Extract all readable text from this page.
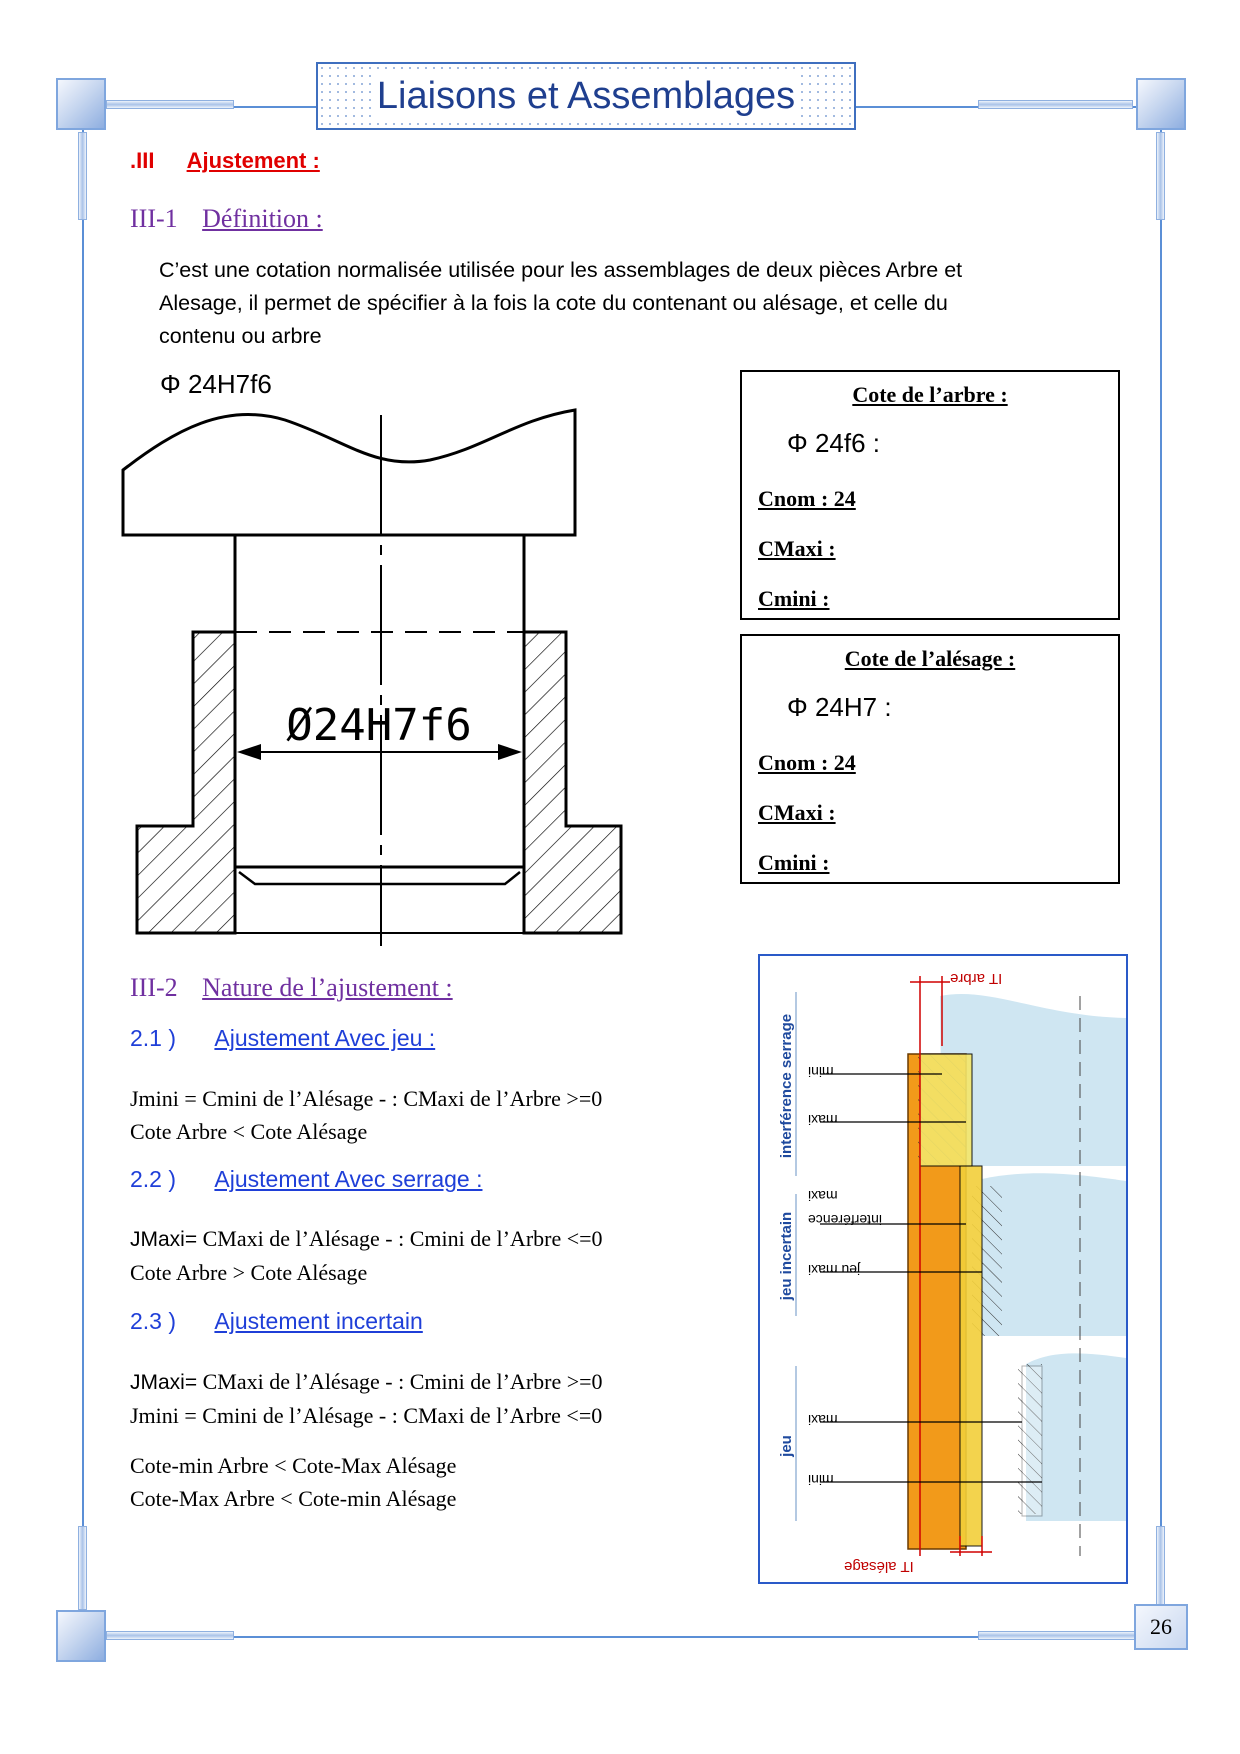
Liaisons et Assemblages
.III Ajustement :
III-1 Définition :
C’est une cotation normalisée utilisée pour les assemblages de deux pièces Arbre et
Alesage, il permet de spécifier à la fois la cote du contenant ou alésage, et celle du
contenu ou arbre
Φ 24H7f6
Ø24H7f6
Cote de l’arbre :
Φ 24f6 :
Cnom : 24
CMaxi :
Cmini :
Cote de l’alésage :
Φ 24H7 :
Cnom : 24
CMaxi :
Cmini :
III-2 Nature de l’ajustement :
2.1 ) Ajustement Avec jeu :
Jmini = Cmini de l’Alésage - : CMaxi de l’Arbre >=0
Cote Arbre < Cote Alésage
2.2 ) Ajustement Avec serrage :
JMaxi= CMaxi de l’Alésage - : Cmini de l’Arbre <=0
Cote Arbre > Cote Alésage
2.3 ) Ajustement incertain
JMaxi= CMaxi de l’Alésage - : Cmini de l’Arbre >=0
Jmini = Cmini de l’Alésage - : CMaxi de l’Arbre <=0
Cote-min Arbre < Cote-Max Alésage
Cote-Max Arbre < Cote-min Alésage
interférence serrage
jeu incertain
jeu
mini
maxi
maxi
interférence
jeu maxi
maxi
mini
IT arbre
IT alésage
26
